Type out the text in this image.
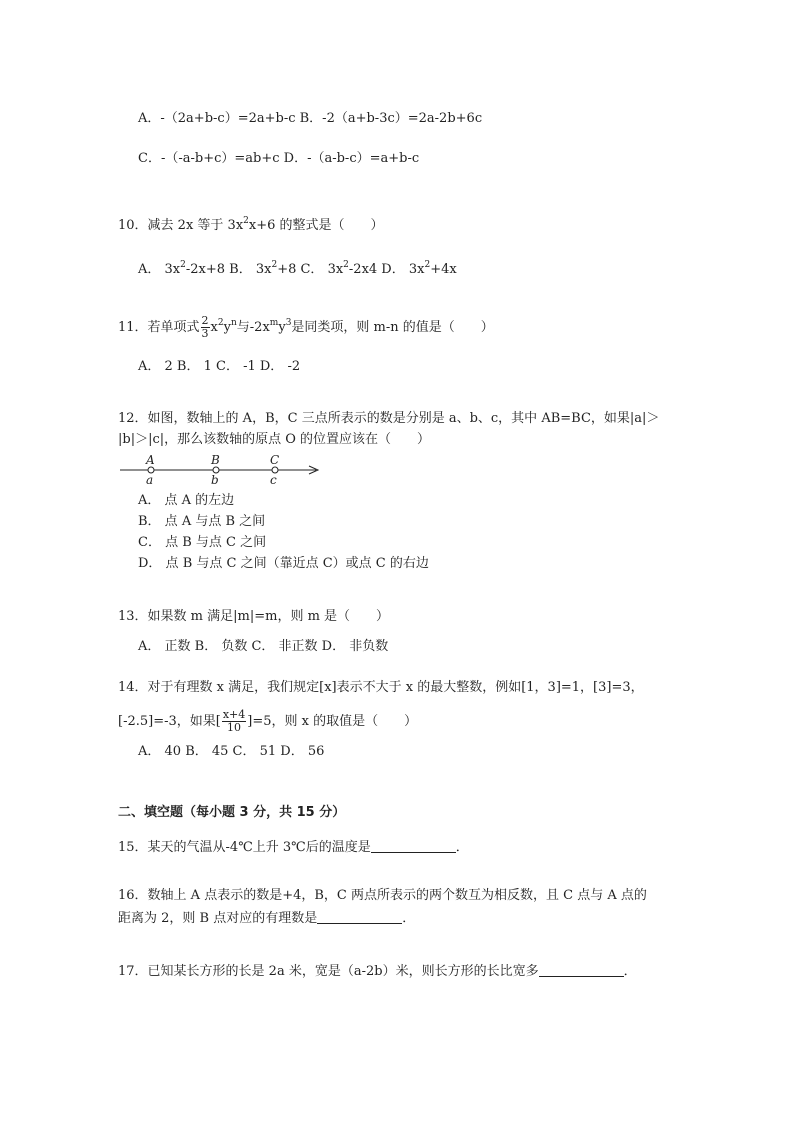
A．-（2a+b-c）=2a+b-c B．-2（a+b-3c）=2a-2b+6c
C．-（-a-b+c）=ab+c D．-（a-b-c）=a+b-c
10．减去 2x 等于 $3x^2x+6$ 的整式是（　　）
A． $3x^2-2x+8$ B． $3x^2+8$ C． $3x^2-2x4$ D． $3x^2+4x$
11．若单项式 $\frac{2}{3} x^2y^n$与$-2x^my^3$是同类项，则 m-n 的值是（　　）
A． 2 B． 1 C． -1 D． -2
12．如图，数轴上的 A，B，C 三点所表示的数是分别是 a、b、c，其中 AB=BC，如果|a|＞
|b|＞|c|，那么该数轴的原点 O 的位置应该在（　　）
A	B	C
a	b	c
A． 点 A 的左边
B． 点 A 与点 B 之间
C． 点 B 与点 C 之间
D． 点 B 与点 C 之间（靠近点 C）或点 C 的右边
13．如果数 m 满足|m|=m，则 m 是（　　）
A． 正数 B． 负数 C． 非正数 D． 非负数
14．对于有理数 x 满足，我们规定[x]表示不大于 x 的最大整数，例如[1，3]=1，[3]=3，
[-2.5]=-3，如果[ $\frac{x+4}{10} ]=5$，则 x 的取值是（　　）
A． 40 B． 45 C． 51 D． 56
二、填空题（每小题 3 分，共 15 分）
15．某天的气温从-4℃上升 3℃后的温度是	．
16．数轴上 A 点表示的数是+4，B，C 两点所表示的两个数互为相反数，且 C 点与 A 点的
距离为 2，则 B 点对应的有理数是	．
17．已知某长方形的长是 2a 米，宽是（a-2b）米，则长方形的长比宽多	．
